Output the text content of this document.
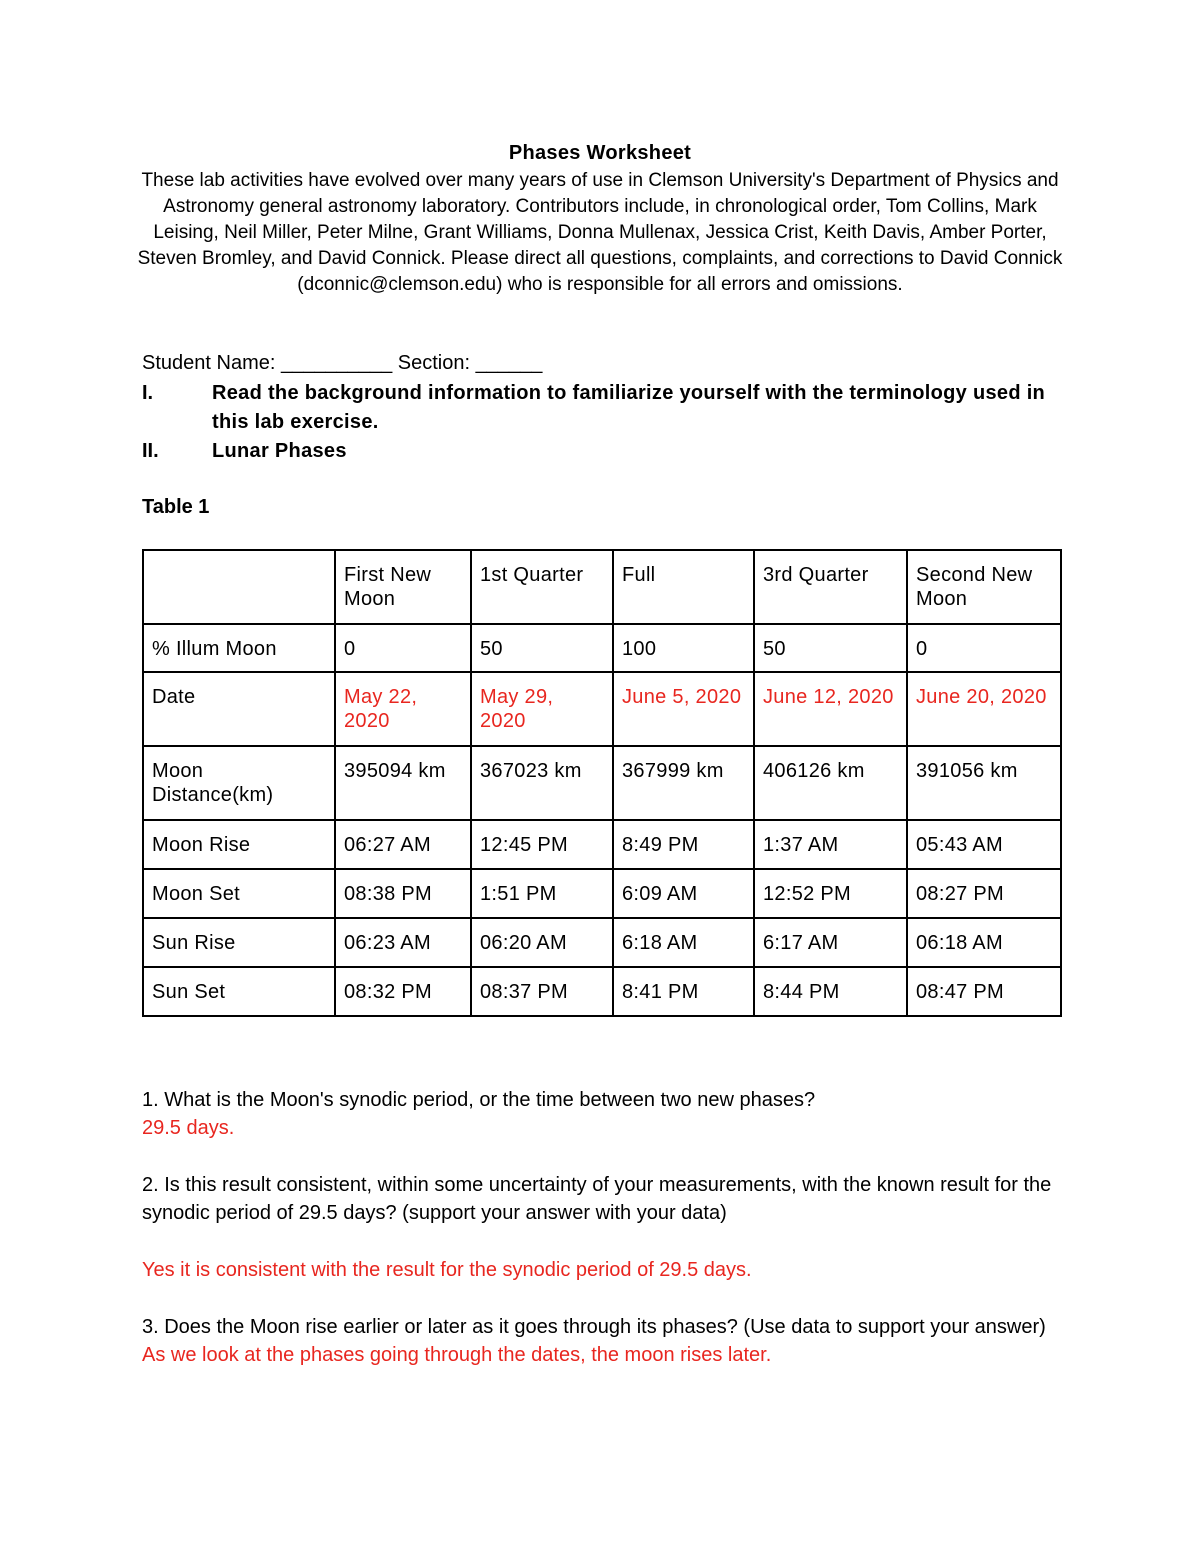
Phases Worksheet
These lab activities have evolved over many years of use in Clemson University's Department of Physics and Astronomy general astronomy laboratory. Contributors include, in chronological order, Tom Collins, Mark Leising, Neil Miller, Peter Milne, Grant Williams, Donna Mullenax, Jessica Crist, Keith Davis, Amber Porter, Steven Bromley, and David Connick. Please direct all questions, complaints, and corrections to David Connick (dconnic@clemson.edu) who is responsible for all errors and omissions.
Student Name: __________ Section: ______
I.	Read the background information to familiarize yourself with the terminology used in this lab exercise.
II.	Lunar Phases
Table 1
	First New Moon	1st Quarter	Full	3rd Quarter	Second New Moon
% Illum Moon	0	50	100	50	0
Date	May 22, 2020	May 29, 2020	June 5, 2020	June 12, 2020	June 20, 2020
Moon Distance(km)	395094 km	367023 km	367999 km	406126 km	391056 km
Moon Rise	06:27 AM	12:45 PM	8:49 PM	1:37 AM	05:43 AM
Moon Set	08:38 PM	1:51 PM	6:09 AM	12:52 PM	08:27 PM
Sun Rise	06:23 AM	06:20 AM	6:18 AM	6:17 AM	06:18 AM
Sun Set	08:32 PM	08:37 PM	8:41 PM	8:44 PM	08:47 PM

1. What is the Moon's synodic period, or the time between two new phases?

29.5 days.

2. Is this result consistent, within some uncertainty of your measurements, with the known result for the synodic period of 29.5 days? (support your answer with your data)

Yes it is consistent with the result for the synodic period of 29.5 days.

3. Does the Moon rise earlier or later as it goes through its phases? (Use data to support your answer)

As we look at the phases going through the dates, the moon rises later.
